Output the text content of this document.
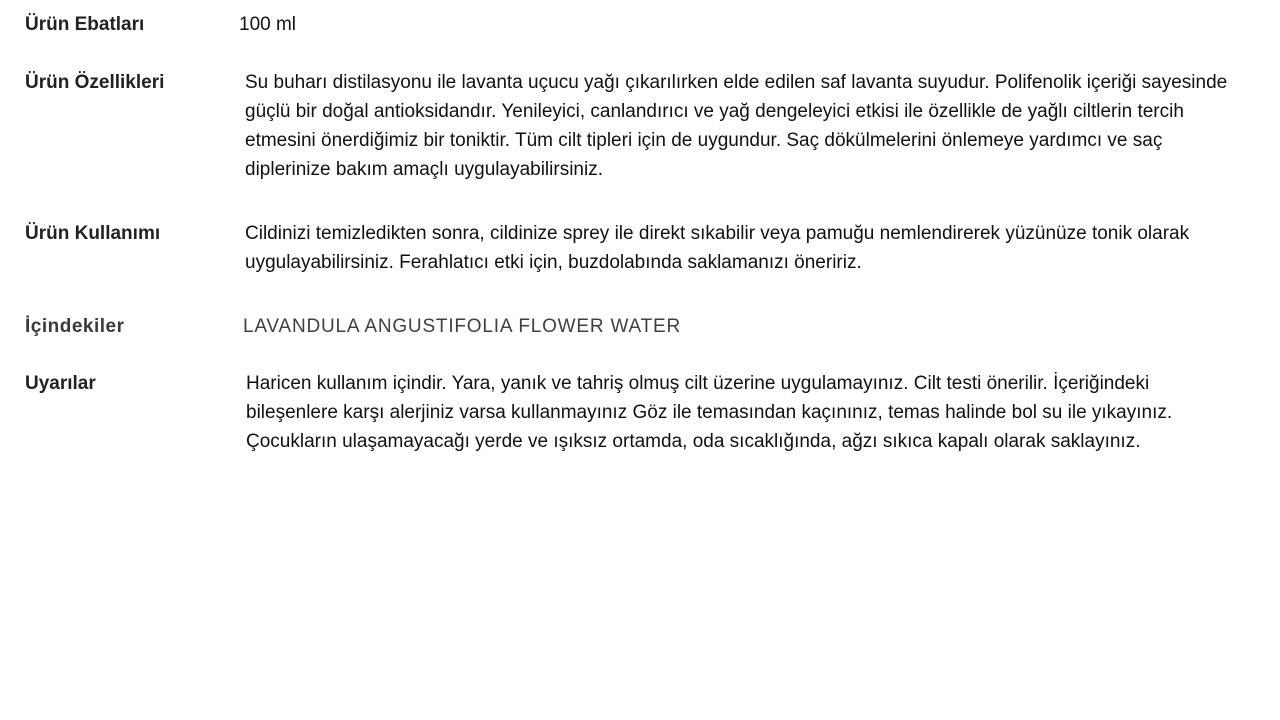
Ürün Ebatları	100 ml
Ürün Özellikleri	Su buharı distilasyonu ile lavanta uçucu yağı çıkarılırken elde edilen saf lavanta suyudur. Polifenolik içeriği sayesinde güçlü bir doğal antioksidandır. Yenileyici, canlandırıcı ve yağ dengeleyici etkisi ile özellikle de yağlı ciltlerin tercih etmesini önerdiğimiz bir toniktir. Tüm cilt tipleri için de uygundur. Saç dökülmelerini önlemeye yardımcı ve saç diplerinize bakım amaçlı uygulayabilirsiniz.
Ürün Kullanımı	Cildinizi temizledikten sonra, cildinize sprey ile direkt sıkabilir veya pamuğu nemlendirerek yüzünüze tonik olarak uygulayabilirsiniz. Ferahlatıcı etki için, buzdolabında saklamanızı öneririz.
İçindekiler	LAVANDULA ANGUSTIFOLIA FLOWER WATER
Uyarılar	Haricen kullanım içindir. Yara, yanık ve tahriş olmuş cilt üzerine uygulamayınız. Cilt testi önerilir. İçeriğindeki bileşenlere karşı alerjiniz varsa kullanmayınız Göz ile temasından kaçınınız, temas halinde bol su ile yıkayınız. Çocukların ulaşamayacağı yerde ve ışıksız ortamda, oda sıcaklığında, ağzı sıkıca kapalı olarak saklayınız.
